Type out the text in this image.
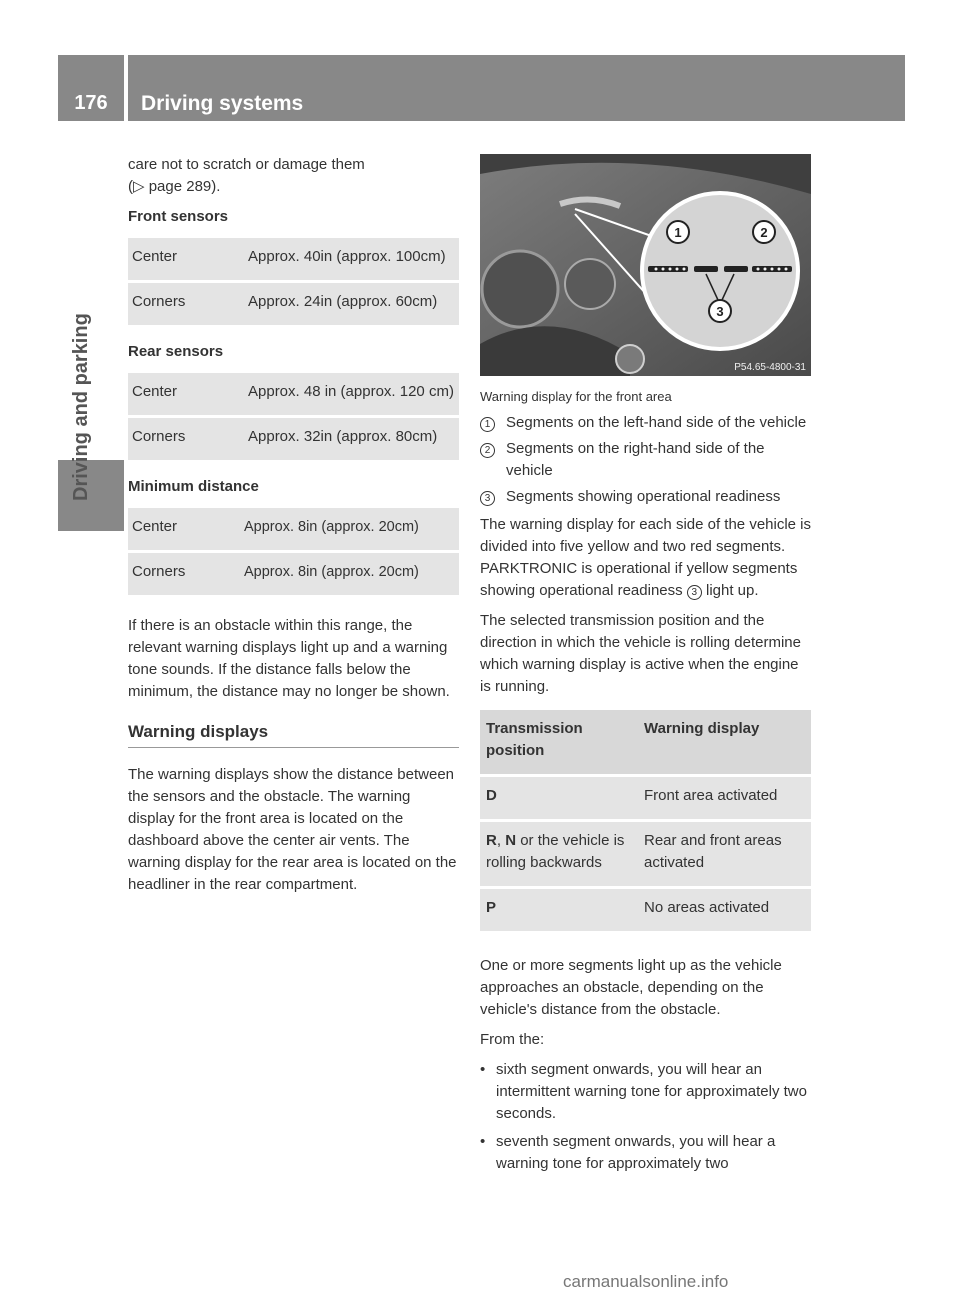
176	Driving systems
Driving and parking

care not to scratch or damage them
(▷ page 289).

Front sensors
Center	Approx. 40in (approx. 100cm)
Corners	Approx. 24in (approx. 60cm)
Rear sensors
Center	Approx. 48 in (approx. 120 cm)
Corners	Approx. 32in (approx. 80cm)
Minimum distance
Center	Approx. 8in (approx. 20cm)
Corners	Approx. 8in (approx. 20cm)

If there is an obstacle within this range, the relevant warning displays light up and a warning tone sounds. If the distance falls below the minimum, the distance may no longer be shown.

Warning displays

The warning displays show the distance between the sensors and the obstacle. The warning display for the front area is located on the dashboard above the center air vents. The warning display for the rear area is located on the headliner in the rear compartment.

1	2
3
P54.65-4800-31
Warning display for the front area
1	Segments on the left-hand side of the vehicle
2	Segments on the right-hand side of the vehicle
3	Segments showing operational readiness

The warning display for each side of the vehicle is divided into five yellow and two red segments. PARKTRONIC is operational if yellow segments showing operational readiness 3 light up.

The selected transmission position and the direction in which the vehicle is rolling determine which warning display is active when the engine is running.

Transmission position	Warning display
D	Front area activated
R, N or the vehicle is rolling backwards	Rear and front areas activated
P	No areas activated

One or more segments light up as the vehicle approaches an obstacle, depending on the vehicle's distance from the obstacle.

From the:

• sixth segment onwards, you will hear an intermittent warning tone for approximately two seconds.
• seventh segment onwards, you will hear a warning tone for approximately two
carmanualsonline.info
